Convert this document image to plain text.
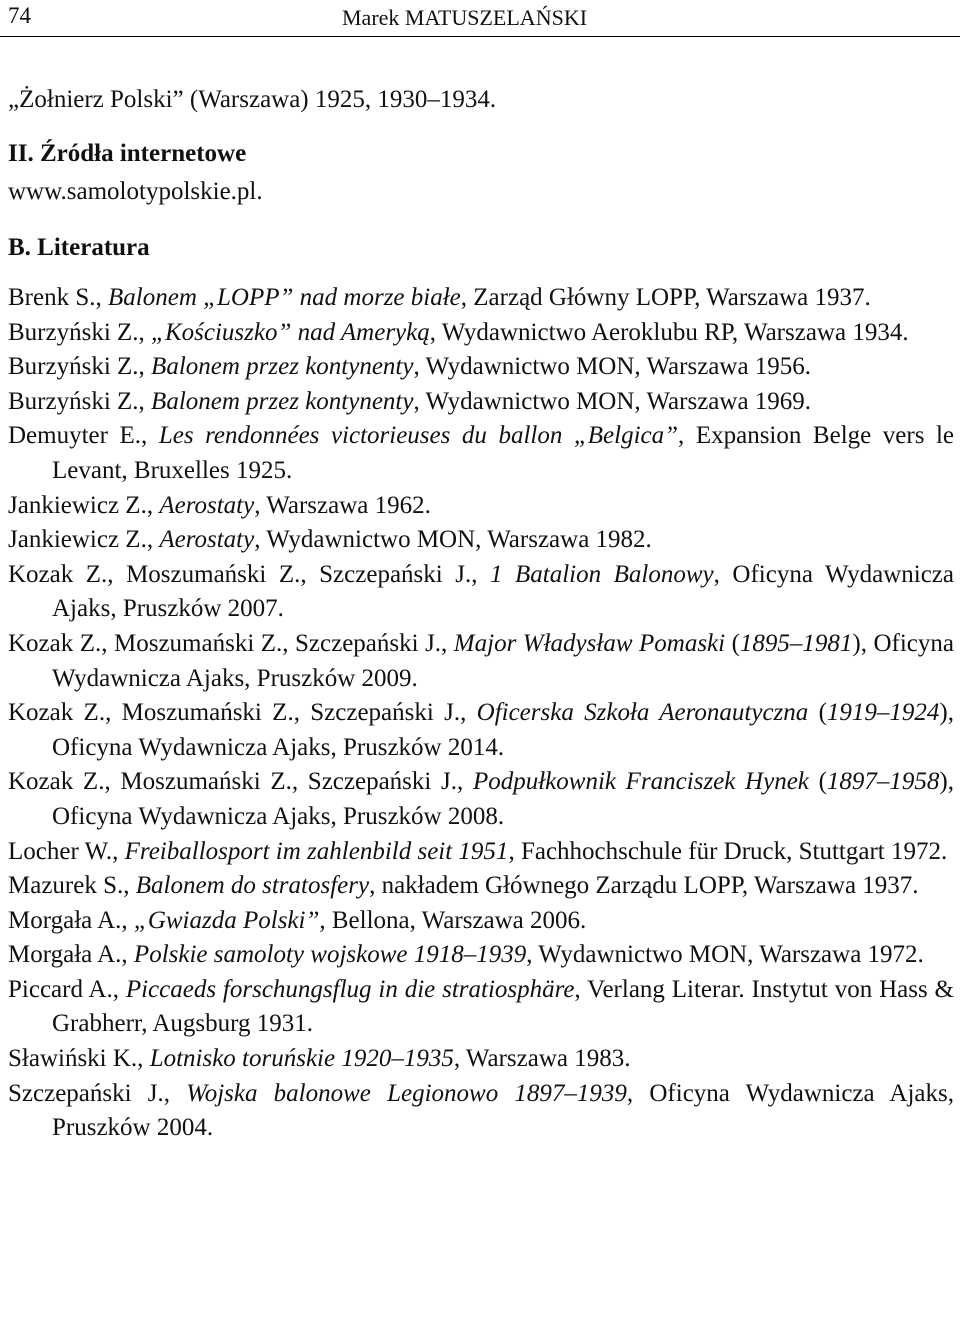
74	Marek MATUSZELAŃSKI

„Żołnierz Polski” (Warszawa) 1925, 1930–1934.

II. Źródła internetowe

www.samolotypolskie.pl.

B. Literatura

Brenk S., Balonem „LOPP” nad morze białe, Zarząd Główny LOPP, Warszawa 1937.

Burzyński Z., „Kościuszko” nad Ameryką, Wydawnictwo Aeroklubu RP, Warszawa 1934.

Burzyński Z., Balonem przez kontynenty, Wydawnictwo MON, Warszawa 1956.

Burzyński Z., Balonem przez kontynenty, Wydawnictwo MON, Warszawa 1969.

Demuyter E., Les rendonnées victorieuses du ballon „Belgica”, Expansion Belge vers le Levant, Bruxelles 1925.

Jankiewicz Z., Aerostaty, Warszawa 1962.

Jankiewicz Z., Aerostaty, Wydawnictwo MON, Warszawa 1982.

Kozak Z., Moszumański Z., Szczepański J., 1 Batalion Balonowy, Oficyna Wydawnicza Ajaks, Pruszków 2007.

Kozak Z., Moszumański Z., Szczepański J., Major Władysław Pomaski (1895–1981), Oficyna Wydawnicza Ajaks, Pruszków 2009.

Kozak Z., Moszumański Z., Szczepański J., Oficerska Szkoła Aeronautyczna (1919–1924), Oficyna Wydawnicza Ajaks, Pruszków 2014.

Kozak Z., Moszumański Z., Szczepański J., Podpułkownik Franciszek Hynek (1897–1958), Oficyna Wydawnicza Ajaks, Pruszków 2008.

Locher W., Freiballosport im zahlenbild seit 1951, Fachhochschule für Druck, Stuttgart 1972.

Mazurek S., Balonem do stratosfery, nakładem Głównego Zarządu LOPP, Warszawa 1937.

Morgała A., „Gwiazda Polski”, Bellona, Warszawa 2006.

Morgała A., Polskie samoloty wojskowe 1918–1939, Wydawnictwo MON, Warszawa 1972.

Piccard A., Piccaeds forschungsflug in die stratiosphäre, Verlang Literar. Instytut von Hass & Grabherr, Augsburg 1931.

Sławiński K., Lotnisko toruńskie 1920–1935, Warszawa 1983.

Szczepański J., Wojska balonowe Legionowo 1897–1939, Oficyna Wydawnicza Ajaks, Pruszków 2004.
